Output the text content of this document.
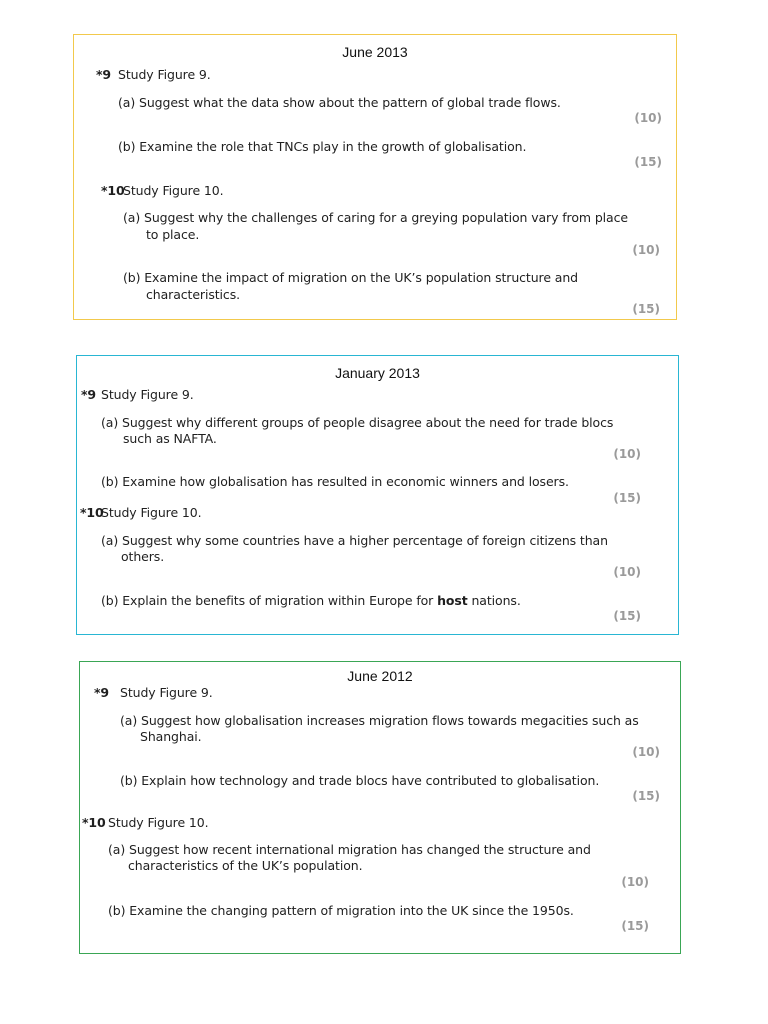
June 2013
*9 Study Figure 9.
(a) Suggest what the data show about the pattern of global trade flows.
(10)
(b) Examine the role that TNCs play in the growth of globalisation.
(15)
*10
Study Figure 10.
(a) Suggest why the challenges of caring for a greying population vary from place
to place.
(10)
(b) Examine the impact of migration on the UK’s population structure and
characteristics.
(15)
January 2013
*9 Study Figure 9.
(a) Suggest why different groups of people disagree about the need for trade blocs
such as NAFTA.
(10)
(b) Examine how globalisation has resulted in economic winners and losers.
(15)
*10
Study Figure 10.
(a) Suggest why some countries have a higher percentage of foreign citizens than
others.
(10)
(b) Explain the benefits of migration within Europe for host nations.
(15)
June 2012
*9 Study Figure 9.
(a) Suggest how globalisation increases migration flows towards megacities such as
Shanghai.
(10)
(b) Explain how technology and trade blocs have contributed to globalisation.
(15)
*10 Study Figure 10.
(a) Suggest how recent international migration has changed the structure and
characteristics of the UK’s population.
(10)
(b) Examine the changing pattern of migration into the UK since the 1950s.
(15)
